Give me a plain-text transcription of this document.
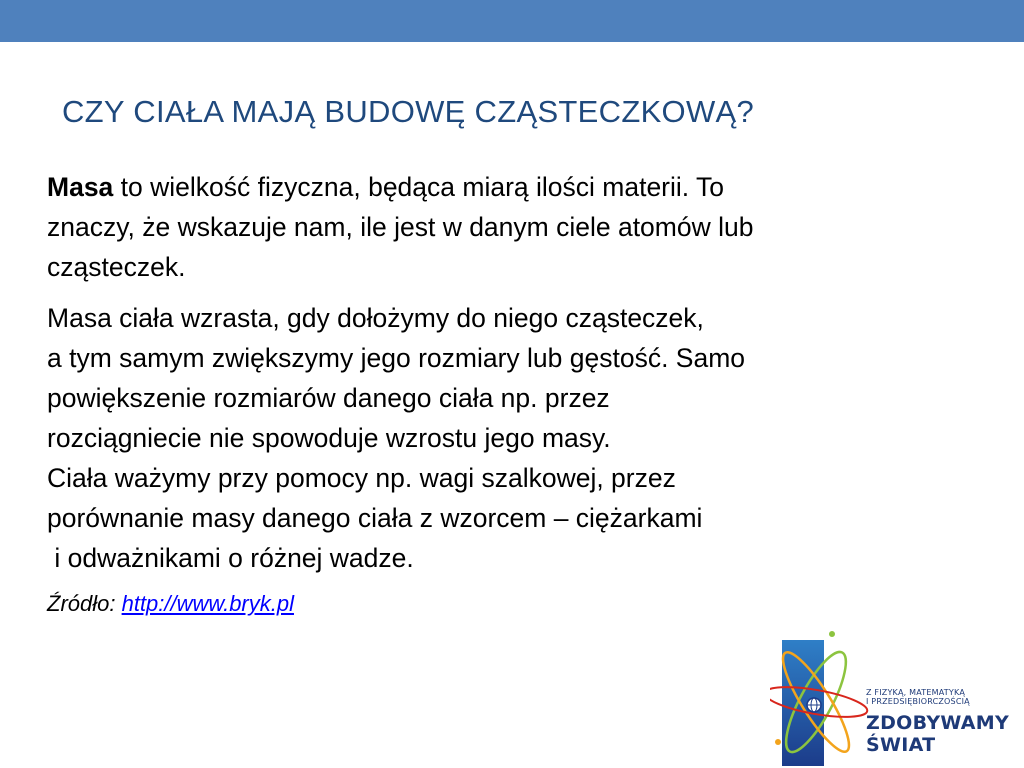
CZY CIAŁA MAJĄ BUDOWĘ CZĄSTECZKOWĄ?

Masa to wielkość fizyczna, będąca miarą ilości materii. To
znaczy, że wskazuje nam, ile jest w danym ciele atomów lub
cząsteczek.

Masa ciała wzrasta, gdy dołożymy do niego cząsteczek,
a tym samym zwiększymy jego rozmiary lub gęstość. Samo
powiększenie rozmiarów danego ciała np. przez
rozciągniecie nie spowoduje wzrostu jego masy.
Ciała ważymy przy pomocy np. wagi szalkowej, przez
porównanie masy danego ciała z wzorcem – ciężarkami
i odważnikami o różnej wadze.

Źródło: http://www.bryk.pl

Z FIZYKĄ, MATEMATYKĄ
I PRZEDSIĘBIORCZOŚCIĄ
ZDOBYWAMY
ŚWIAT
